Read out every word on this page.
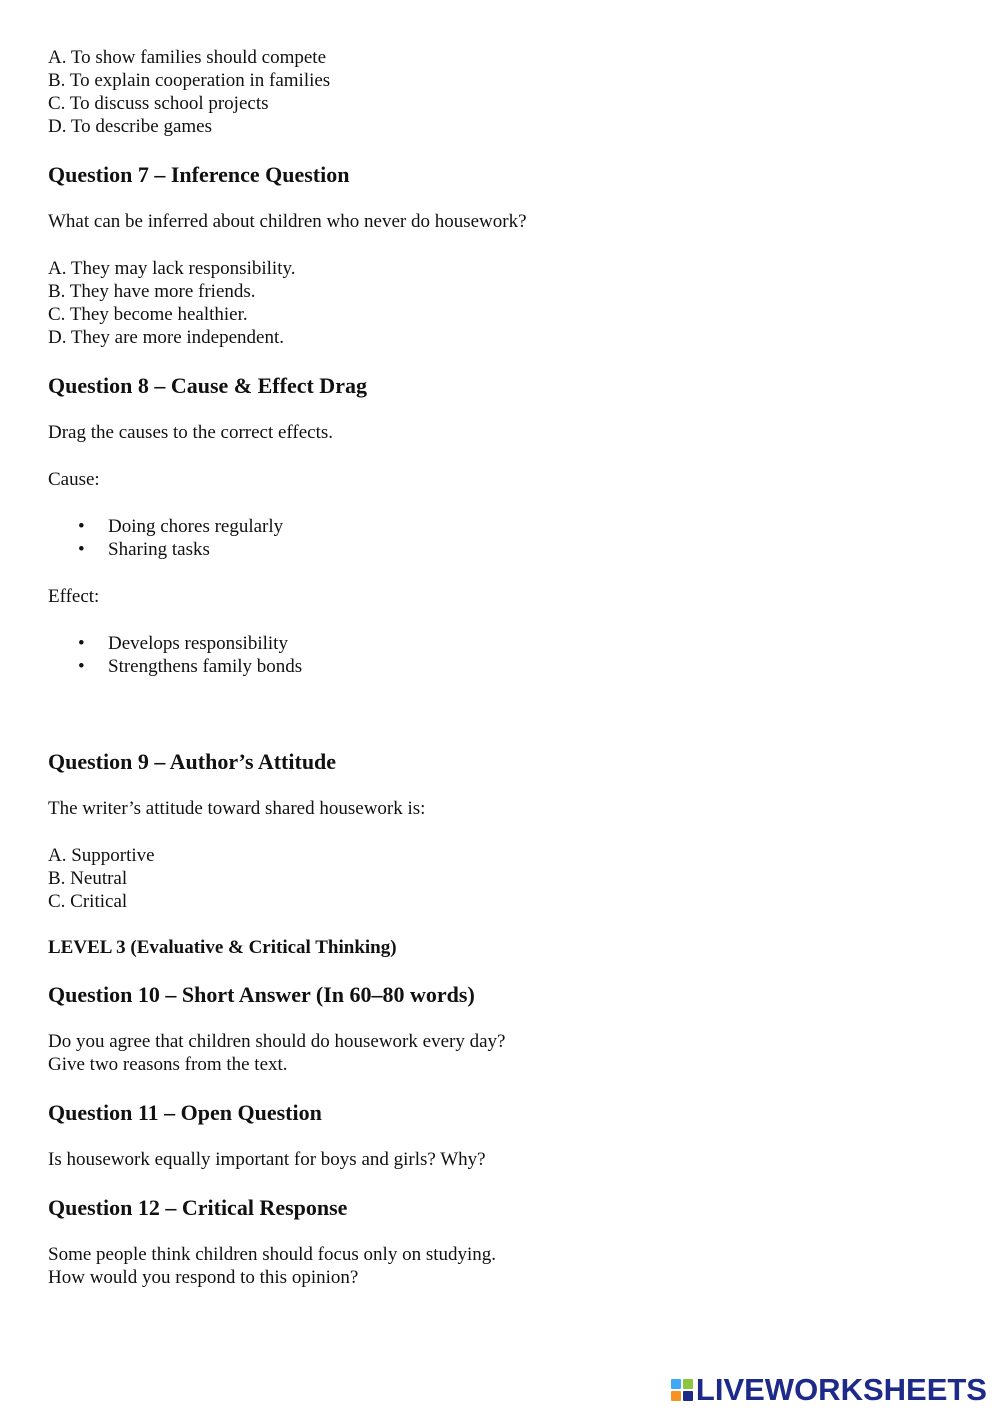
A. To show families should compete

B. To explain cooperation in families

C. To discuss school projects

D. To describe games

Question 7 – Inference Question

What can be inferred about children who never do housework?

A. They may lack responsibility.

B. They have more friends.

C. They become healthier.

D. They are more independent.

Question 8 – Cause & Effect Drag

Drag the causes to the correct effects.

Cause:

• Doing chores regularly
• Sharing tasks

Effect:

• Develops responsibility
• Strengthens family bonds
Question 9 – Author’s Attitude

The writer’s attitude toward shared housework is:

A. Supportive

B. Neutral

C. Critical

LEVEL 3 (Evaluative & Critical Thinking)

Question 10 – Short Answer (In 60–80 words)

Do you agree that children should do housework every day?

Give two reasons from the text.

Question 11 – Open Question

Is housework equally important for boys and girls? Why?

Question 12 – Critical Response

Some people think children should focus only on studying.

How would you respond to this opinion?

LIVEWORKSHEETS
